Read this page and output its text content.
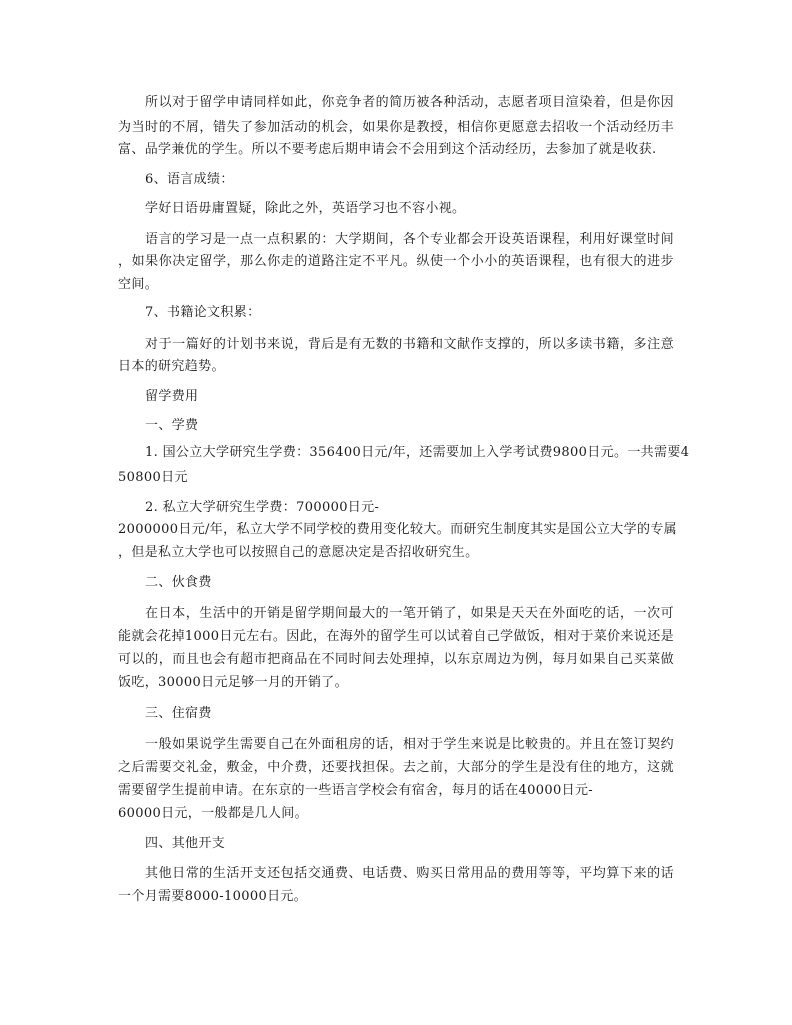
所以对于留学申请同样如此，你竞争者的简历被各种活动，志愿者项目渲染着，但是你因
为当时的不屑，错失了参加活动的机会，如果你是教授，相信你更愿意去招收一个活动经历丰
富、品学兼优的学生。所以不要考虑后期申请会不会用到这个活动经历，去参加了就是收获.
6、语言成绩：
学好日语毋庸置疑，除此之外，英语学习也不容小视。
语言的学习是一点一点积累的：大学期间，各个专业都会开设英语课程，利用好课堂时间
，如果你决定留学，那么你走的道路注定不平凡。纵使一个小小的英语课程，也有很大的进步
空间。
7、书籍论文积累：
对于一篇好的计划书来说，背后是有无数的书籍和文献作支撑的，所以多读书籍，多注意
日本的研究趋势。
留学费用
一、学费
1. 国公立大学研究生学费：356400日元/年，还需要加上入学考试费9800日元。一共需要4
50800日元
2. 私立大学研究生学费：700000日元-
2000000日元/年，私立大学不同学校的费用变化较大。而研究生制度其实是国公立大学的专属
，但是私立大学也可以按照自己的意愿决定是否招收研究生。
二、伙食费
在日本，生活中的开销是留学期间最大的一笔开销了，如果是天天在外面吃的话，一次可
能就会花掉1000日元左右。因此，在海外的留学生可以试着自己学做饭，相对于菜价来说还是
可以的，而且也会有超市把商品在不同时间去处理掉，以东京周边为例，每月如果自己买菜做
饭吃，30000日元足够一月的开销了。
三、住宿费
一般如果说学生需要自己在外面租房的话，相对于学生来说是比較贵的。并且在签订契约
之后需要交礼金，敷金，中介费，还要找担保。去之前，大部分的学生是没有住的地方，这就
需要留学生提前申请。在东京的一些语言学校会有宿舍，每月的话在40000日元-
60000日元，一般都是几人间。
四、其他开支
其他日常的生活开支还包括交通费、电话费、购买日常用品的费用等等，平均算下来的话
一个月需要8000-10000日元。
